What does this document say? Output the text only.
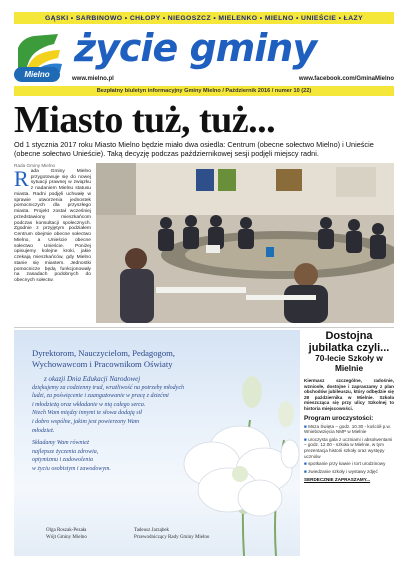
GĄSKI • SARBINOWO • CHŁOPY • NIEGOSZCZ • MIELENKO • MIELNO • UNIEŚCIE • ŁAZY
Mielno
życie gminy
www.mielno.pl	www.facebook.com/GminaMielno
Bezpłatny biuletyn informacyjny Gminy Mielno / Październik 2016 / numer 10 (22)
Miasto tuż, tuż...

Od 1 stycznia 2017 roku Miasto Mielno będzie miało dwa osiedla: Centrum (obecne sołectwo Mielno) i Unieście (obecne sołectwo Unieście). Taką decyzję podczas październikowej sesji podjęli miejscy radni.

Rada Gminy Mielno
R ada Gminy Mielno przygotowuje się do nowej sytuacji prawnej w związku z nadaniem Mielnu statusu miasta. Radni podjęli uchwałę w sprawie utworzenia jednostek pomocniczych dla przyszłego miasta. Projekt został wcześniej przedstawiony mieszkańcom podczas konsultacji społecznych. Zgodnie z przyjętym podziałem Centrum obejmie obecne sołectwo Mielno, a Unieście obecne sołectwo Unieście. Poniżej opisujemy kolejne kroki, jakie czekają mieszkańców, gdy Mielno stanie się miastem. Jednostki pomocnicze będą funkcjonowały na zasadach podobnych do obecnych sołectw.
Dyrektorom, Nauczycielom, Pedagogom,
Wychowawcom i Pracownikom Oświaty
z okazji Dnia Edukacji Narodowej
dziękujemy za codzienny trud, wrażliwość na potrzeby młodych
ludzi, za poświęcenie i zaangażowanie w pracę z dziećmi
i młodzieżą oraz wkładanie w nią całego serca.
Niech Wam między innymi te słowa dodają sił
i dobro wspólne, jakim jest powierzony Wam
młodzież.
Składamy Wam również
najlepsze życzenia zdrowia,
optymizmu i zadowolenia
w życiu osobistym i zawodowym.
Olga Roszak-Pezała
Wójt Gminy Mielno
Tadeusz Jarząbek
Przewodniczący Rady Gminy Mielno
Dostojna jubilatka czyli...
70-lecie Szkoły w Mielnie
Kiermasz szczególne, radośnie, wzniosłe, dostojne i zapraszamy z plan obchodów jubileuszu, który odbędzie się 28 października w Mielnie. Szkoła mieszcząca się przy ulicy Szkolnej to historia miejscowości.
Program uroczystości:
■ Msza Święta – godz. 10.30 - kościół p.w. Wniebowzięcia NMP w Mielnie
■ uroczysta gala z uczniami i absolwentami – godz. 12.00 - szkoła w Mielnie, w tym prezentacja historii szkoły oraz występy uczniów
■ spotkanie przy kawie i tort urodzinowy
■ zwiedzanie szkoły i wystawy zdjęć
SERDECZNIE ZAPRASZAMY...
